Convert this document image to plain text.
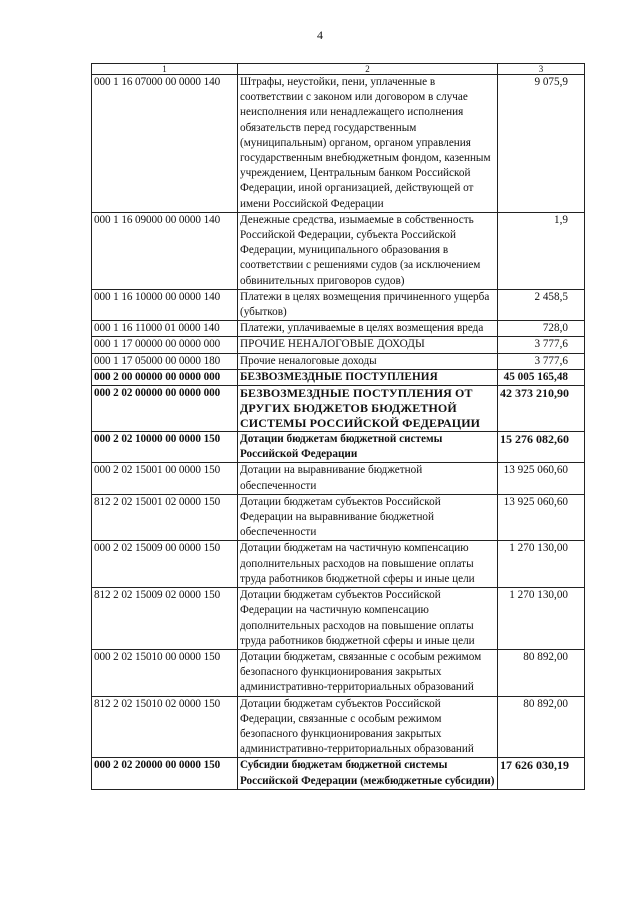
4
1	2	3
000 1 16 07000 00 0000 140	Штрафы, неустойки, пени, уплаченные в соответствии с законом или договором в случае неисполнения или ненадлежащего исполнения обязательств перед государственным (муниципальным) органом, органом управления государственным внебюджетным фондом, казенным учреждением, Центральным банком Российской Федерации, иной организацией, действующей от имени Российской Федерации	9 075,9
000 1 16 09000 00 0000 140	Денежные средства, изымаемые в собственность Российской Федерации, субъекта Российской Федерации, муниципального образования в соответствии с решениями судов (за исключением обвинительных приговоров судов)	1,9
000 1 16 10000 00 0000 140	Платежи в целях возмещения причиненного ущерба (убытков)	2 458,5
000 1 16 11000 01 0000 140	Платежи, уплачиваемые в целях возмещения вреда	728,0
000 1 17 00000 00 0000 000	ПРОЧИЕ НЕНАЛОГОВЫЕ ДОХОДЫ	3 777,6
000 1 17 05000 00 0000 180	Прочие неналоговые доходы	3 777,6
000 2 00 00000 00 0000 000	БЕЗВОЗМЕЗДНЫЕ ПОСТУПЛЕНИЯ	45 005 165,48
000 2 02 00000 00 0000 000	БЕЗВОЗМЕЗДНЫЕ ПОСТУПЛЕНИЯ ОТ ДРУГИХ БЮДЖЕТОВ БЮДЖЕТНОЙ СИСТЕМЫ РОССИЙСКОЙ ФЕДЕРАЦИИ	42 373 210,90
000 2 02 10000 00 0000 150	Дотации бюджетам бюджетной системы Российской Федерации	15 276 082,60
000 2 02 15001 00 0000 150	Дотации на выравнивание бюджетной обеспеченности	13 925 060,60
812 2 02 15001 02 0000 150	Дотации бюджетам субъектов Российской Федерации на выравнивание бюджетной обеспеченности	13 925 060,60
000 2 02 15009 00 0000 150	Дотации бюджетам на частичную компенсацию дополнительных расходов на повышение оплаты труда работников бюджетной сферы и иные цели	1 270 130,00
812 2 02 15009 02 0000 150	Дотации бюджетам субъектов Российской Федерации на частичную компенсацию дополнительных расходов на повышение оплаты труда работников бюджетной сферы и иные цели	1 270 130,00
000 2 02 15010 00 0000 150	Дотации бюджетам, связанные с особым режимом безопасного функционирования закрытых административно-территориальных образований	80 892,00
812 2 02 15010 02 0000 150	Дотации бюджетам субъектов Российской Федерации, связанные с особым режимом безопасного функционирования закрытых административно-территориальных образований	80 892,00
000 2 02 20000 00 0000 150	Субсидии бюджетам бюджетной системы Российской Федерации (межбюджетные субсидии)	17 626 030,19
